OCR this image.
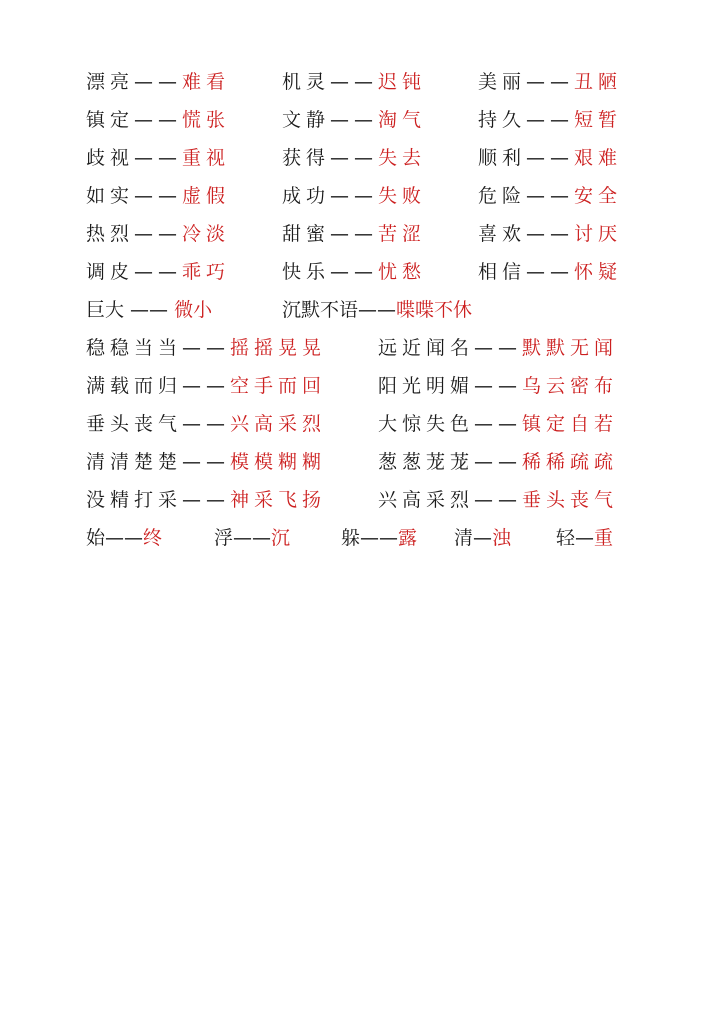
漂亮——难看	机灵——迟钝	美丽——丑陋
镇定——慌张	文静——淘气	持久——短暂
歧视——重视	获得——失去	顺利——艰难
如实——虚假	成功——失败	危险——安全
热烈——冷淡	甜蜜——苦涩	喜欢——讨厌
调皮——乖巧	快乐——忧愁	相信——怀疑
巨大 —— 微小	沉默不语——喋喋不休
稳稳当当——摇摇晃晃	远近闻名——默默无闻
满载而归——空手而回	阳光明媚——乌云密布
垂头丧气——兴高采烈	大惊失色——镇定自若
清清楚楚——模模糊糊	葱葱茏茏——稀稀疏疏
没精打采——神采飞扬	兴高采烈——垂头丧气
始——终	浮——沉	躲——露 清—浊 轻—重
